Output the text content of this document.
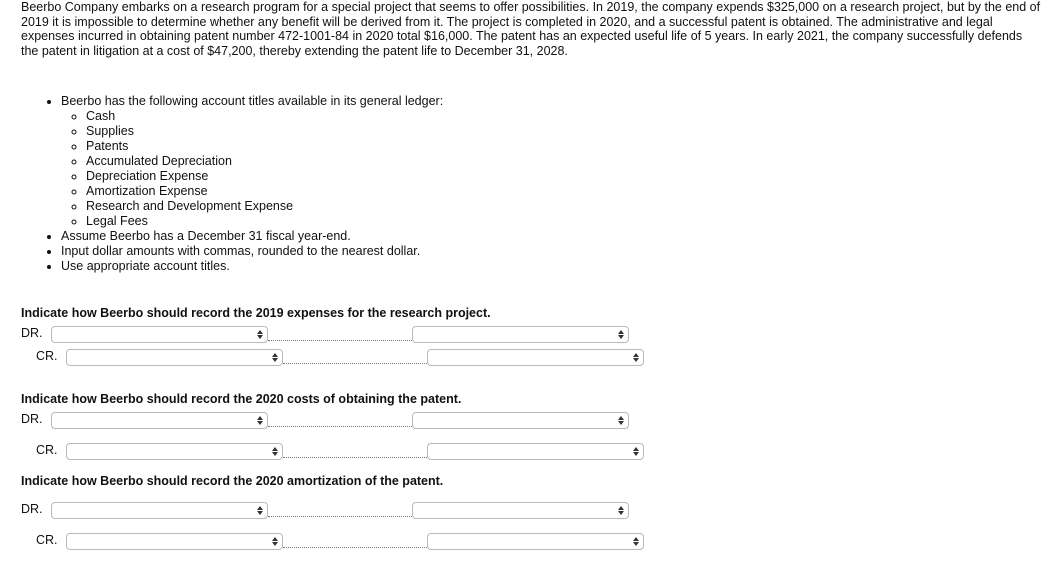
Beerbo Company embarks on a research program for a special project that seems to offer possibilities. In 2019, the company expends $325,000 on a research project, but by the end of 2019 it is impossible to determine whether any benefit will be derived from it. The project is completed in 2020, and a successful patent is obtained. The administrative and legal expenses incurred in obtaining patent number 472-1001-84 in 2020 total $16,000. The patent has an expected useful life of 5 years. In early 2021, the company successfully defends the patent in litigation at a cost of $47,200, thereby extending the patent life to December 31, 2028.
• Beerbo has the following account titles available in its general ledger:
◦ Cash
◦ Supplies
◦ Patents
◦ Accumulated Depreciation
◦ Depreciation Expense
◦ Amortization Expense
◦ Research and Development Expense
◦ Legal Fees
• Assume Beerbo has a December 31 fiscal year-end.
• Input dollar amounts with commas, rounded to the nearest dollar.
• Use appropriate account titles.
Indicate how Beerbo should record the 2019 expenses for the research project.
DR.
CR.
Indicate how Beerbo should record the 2020 costs of obtaining the patent.
DR.
CR.
Indicate how Beerbo should record the 2020 amortization of the patent.
DR.
CR.
